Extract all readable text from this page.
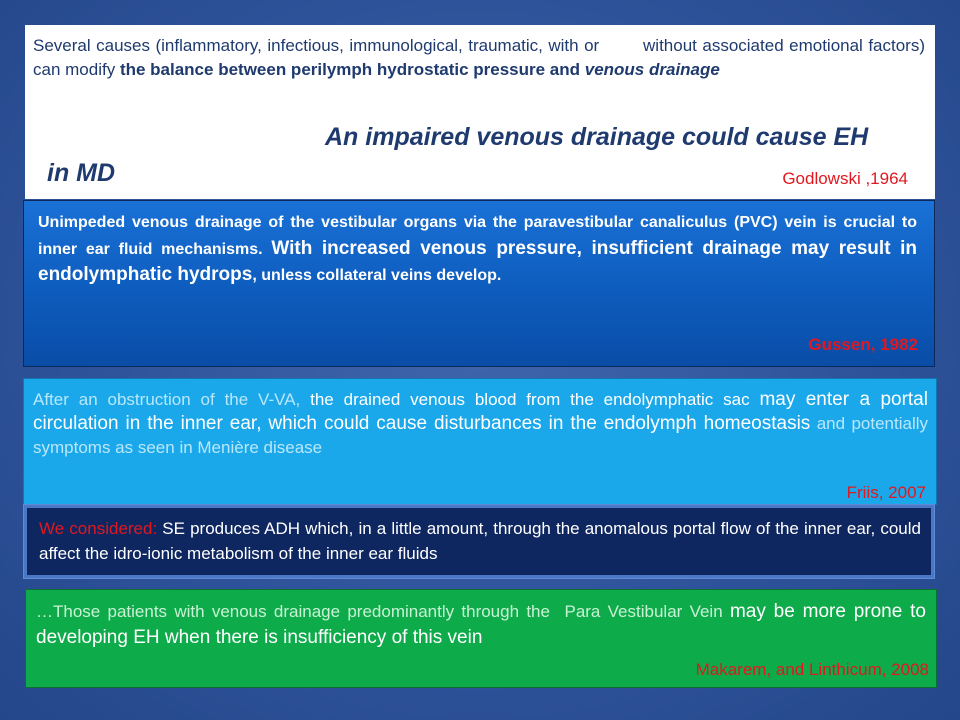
Several causes (inflammatory, infectious, immunological, traumatic, with or        without associated emotional factors) can modify the balance between perilymph hydrostatic pressure and venous drainage

An impaired venous drainage could cause EH
in MD	Godlowski ,1964

Unimpeded venous drainage of the vestibular organs via the paravestibular canaliculus (PVC) vein is crucial to inner ear fluid mechanisms. With increased venous pressure, insufficient drainage may result in endolymphatic hydrops, unless collateral veins develop.

Gussen, 1982

After an obstruction of the V-VA, the drained venous blood from the endolymphatic sac may enter a portal circulation in the inner ear, which could cause disturbances in the endolymph homeostasis and potentially symptoms as seen in Menière disease

Friis, 2007

We considered: SE produces ADH which, in a little amount, through the anomalous portal flow of the inner ear, could affect the idro-ionic metabolism of the inner ear fluids

…Those patients with venous drainage predominantly through the  Para Vestibular Vein may be more prone to developing EH when there is insufficiency of this vein

Makarem, and Linthicum, 2008
